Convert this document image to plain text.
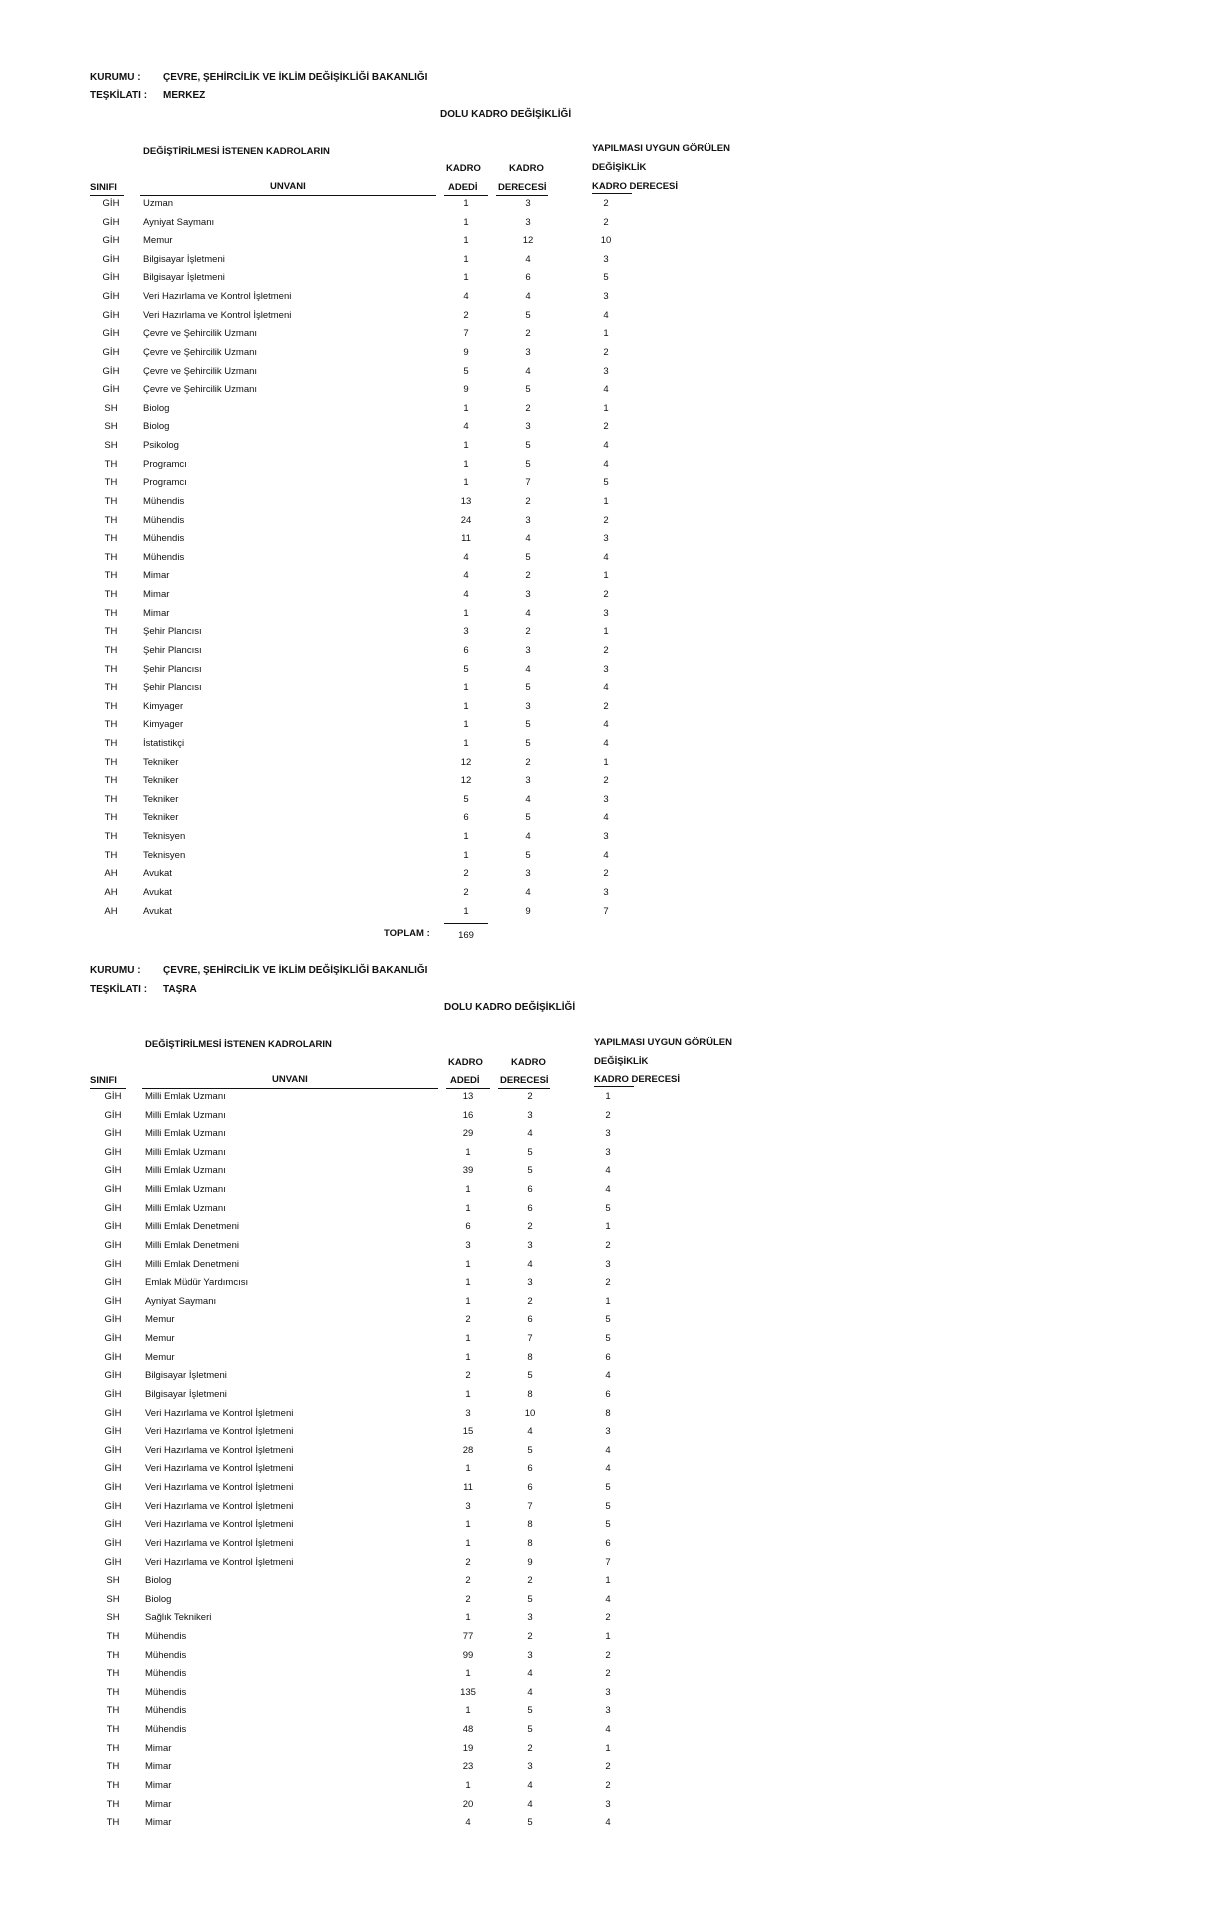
KURUMU : ÇEVRE, ŞEHİRCİLİK VE İKLİM DEĞİŞİKLİĞİ BAKANLIĞI
TEŞKİLATI : MERKEZ
DOLU KADRO DEĞİŞİKLİĞİ
DEĞİŞTİRİLMESİ İSTENEN KADROLARIN	YAPILMASI UYGUN GÖRÜLEN
KADRO	KADRO	DEĞİŞİKLİK
SINIFI	UNVANI	ADEDİ DERECESİ	KADRO DERECESİ
GİH	Uzman	1	3	2
GİH	Ayniyat Saymanı	1	3	2
GİH	Memur	1	12	10
GİH	Bilgisayar İşletmeni	1	4	3
GİH	Bilgisayar İşletmeni	1	6	5
GİH	Veri Hazırlama ve Kontrol İşletmeni	4	4	3
GİH	Veri Hazırlama ve Kontrol İşletmeni	2	5	4
GİH	Çevre ve Şehircilik Uzmanı	7	2	1
GİH	Çevre ve Şehircilik Uzmanı	9	3	2
GİH	Çevre ve Şehircilik Uzmanı	5	4	3
GİH	Çevre ve Şehircilik Uzmanı	9	5	4
SH	Biolog	1	2	1
SH	Biolog	4	3	2
SH	Psikolog	1	5	4
TH	Programcı	1	5	4
TH	Programcı	1	7	5
TH	Mühendis	13	2	1
TH	Mühendis	24	3	2
TH	Mühendis	11	4	3
TH	Mühendis	4	5	4
TH	Mimar	4	2	1
TH	Mimar	4	3	2
TH	Mimar	1	4	3
TH	Şehir Plancısı	3	2	1
TH	Şehir Plancısı	6	3	2
TH	Şehir Plancısı	5	4	3
TH	Şehir Plancısı	1	5	4
TH	Kimyager	1	3	2
TH	Kimyager	1	5	4
TH	İstatistikçi	1	5	4
TH	Tekniker	12	2	1
TH	Tekniker	12	3	2
TH	Tekniker	5	4	3
TH	Tekniker	6	5	4
TH	Teknisyen	1	4	3
TH	Teknisyen	1	5	4
AH	Avukat	2	3	2
AH	Avukat	2	4	3
AH	Avukat	1	9	7
TOPLAM :	169
KURUMU : ÇEVRE, ŞEHİRCİLİK VE İKLİM DEĞİŞİKLİĞİ BAKANLIĞI
TEŞKİLATI : TAŞRA
DOLU KADRO DEĞİŞİKLİĞİ
DEĞİŞTİRİLMESİ İSTENEN KADROLARIN	YAPILMASI UYGUN GÖRÜLEN
KADRO	KADRO	DEĞİŞİKLİK
SINIFI	UNVANI	ADEDİ DERECESİ	KADRO DERECESİ
GİH	Milli Emlak Uzmanı	13	2	1
GİH	Milli Emlak Uzmanı	16	3	2
GİH	Milli Emlak Uzmanı	29	4	3
GİH	Milli Emlak Uzmanı	1	5	3
GİH	Milli Emlak Uzmanı	39	5	4
GİH	Milli Emlak Uzmanı	1	6	4
GİH	Milli Emlak Uzmanı	1	6	5
GİH	Milli Emlak Denetmeni	6	2	1
GİH	Milli Emlak Denetmeni	3	3	2
GİH	Milli Emlak Denetmeni	1	4	3
GİH	Emlak Müdür Yardımcısı	1	3	2
GİH	Ayniyat Saymanı	1	2	1
GİH	Memur	2	6	5
GİH	Memur	1	7	5
GİH	Memur	1	8	6
GİH	Bilgisayar İşletmeni	2	5	4
GİH	Bilgisayar İşletmeni	1	8	6
GİH	Veri Hazırlama ve Kontrol İşletmeni	3	10	8
GİH	Veri Hazırlama ve Kontrol İşletmeni	15	4	3
GİH	Veri Hazırlama ve Kontrol İşletmeni	28	5	4
GİH	Veri Hazırlama ve Kontrol İşletmeni	1	6	4
GİH	Veri Hazırlama ve Kontrol İşletmeni	11	6	5
GİH	Veri Hazırlama ve Kontrol İşletmeni	3	7	5
GİH	Veri Hazırlama ve Kontrol İşletmeni	1	8	5
GİH	Veri Hazırlama ve Kontrol İşletmeni	1	8	6
GİH	Veri Hazırlama ve Kontrol İşletmeni	2	9	7
SH	Biolog	2	2	1
SH	Biolog	2	5	4
SH	Sağlık Teknikeri	1	3	2
TH	Mühendis	77	2	1
TH	Mühendis	99	3	2
TH	Mühendis	1	4	2
TH	Mühendis	135	4	3
TH	Mühendis	1	5	3
TH	Mühendis	48	5	4
TH	Mimar	19	2	1
TH	Mimar	23	3	2
TH	Mimar	1	4	2
TH	Mimar	20	4	3
TH	Mimar	4	5	4
